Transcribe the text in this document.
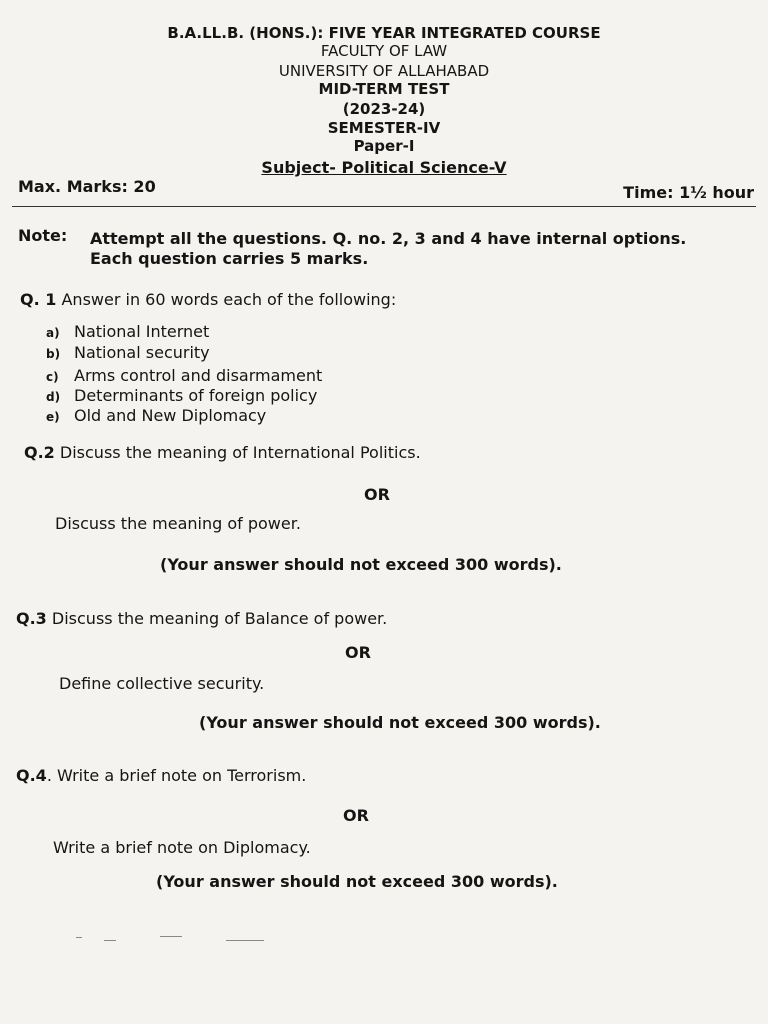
B.A.LL.B. (HONS.): FIVE YEAR INTEGRATED COURSE
FACULTY OF LAW
UNIVERSITY OF ALLAHABAD
MID-TERM TEST
(2023-24)
SEMESTER-IV
Paper-I
Subject- Political Science-V
Max. Marks: 20	Time: 1½ hour
Note: Attempt all the questions. Q. no. 2, 3 and 4 have internal options.
Each question carries 5 marks.
Q. 1 Answer in 60 words each of the following:
a) National Internet
b) National security
c) Arms control and disarmament
d) Determinants of foreign policy
e) Old and New Diplomacy
Q.2 Discuss the meaning of International Politics.
OR
Discuss the meaning of power.
(Your answer should not exceed 300 words).
Q.3 Discuss the meaning of Balance of power.
OR
Define collective security.
(Your answer should not exceed 300 words).
Q.4. Write a brief note on Terrorism.
OR
Write a brief note on Diplomacy.
(Your answer should not exceed 300 words).
